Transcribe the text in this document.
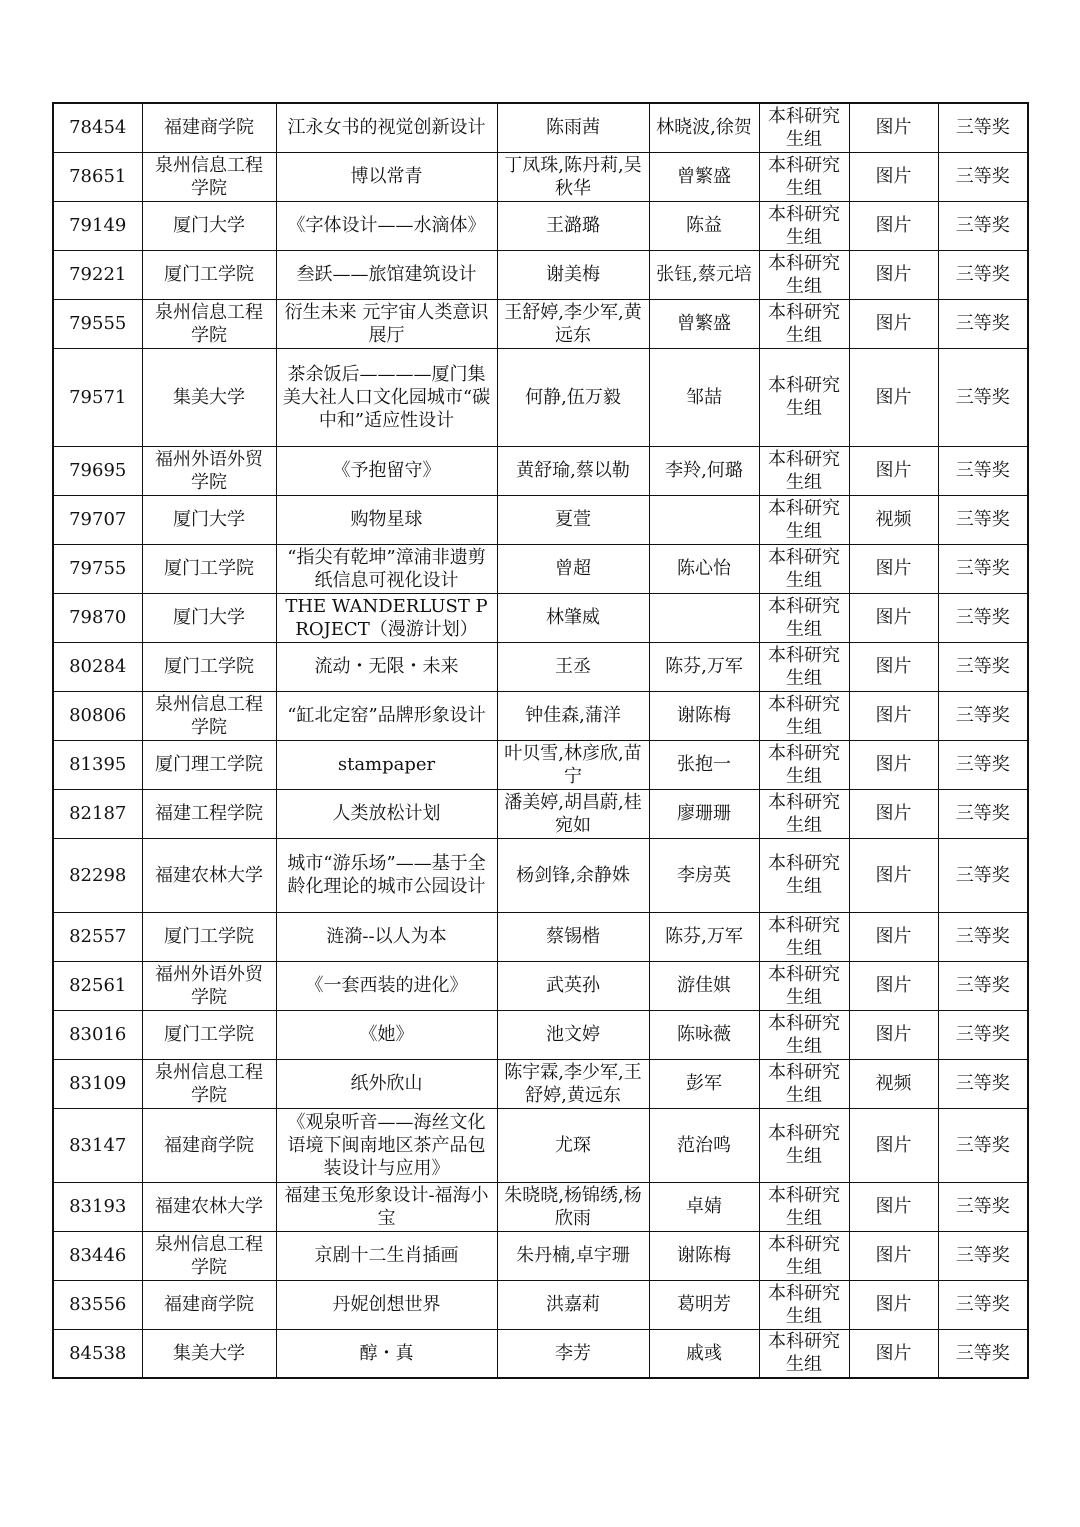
78454	福建商学院	江永女书的视觉创新设计	陈雨茜	林晓波,徐贺	本科研究生组	图片	三等奖
78651	泉州信息工程学院	博以常青	丁凤珠,陈丹莉,吴秋华	曾繁盛	本科研究生组	图片	三等奖
79149	厦门大学	《字体设计——水滴体》	王潞璐	陈益	本科研究生组	图片	三等奖
79221	厦门工学院	叁跃——旅馆建筑设计	谢美梅	张钰,蔡元培	本科研究生组	图片	三等奖
79555	泉州信息工程学院	衍生未来 元宇宙人类意识展厅	王舒婷,李少军,黄远东	曾繁盛	本科研究生组	图片	三等奖
79571	集美大学	茶余饭后————厦门集美大社人口文化园城市“碳中和”适应性设计	何静,伍万毅	邹喆	本科研究生组	图片	三等奖
79695	福州外语外贸学院	《予抱留守》	黄舒瑜,蔡以勒	李羚,何璐	本科研究生组	图片	三等奖
79707	厦门大学	购物星球	夏萱		本科研究生组	视频	三等奖
79755	厦门工学院	“指尖有乾坤”漳浦非遗剪纸信息可视化设计	曾超	陈心怡	本科研究生组	图片	三等奖
79870	厦门大学	THE WANDERLUST PROJECT（漫游计划）	林肇威		本科研究生组	图片	三等奖
80284	厦门工学院	流动・无限・未来	王丞	陈芬,万军	本科研究生组	图片	三等奖
80806	泉州信息工程学院	“缸北定窑”品牌形象设计	钟佳森,蒲洋	谢陈梅	本科研究生组	图片	三等奖
81395	厦门理工学院	stampaper	叶贝雪,林彦欣,苗宁	张抱一	本科研究生组	图片	三等奖
82187	福建工程学院	人类放松计划	潘美婷,胡昌蔚,桂宛如	廖珊珊	本科研究生组	图片	三等奖
82298	福建农林大学	城市“游乐场”——基于全龄化理论的城市公园设计	杨剑锋,余静姝	李房英	本科研究生组	图片	三等奖
82557	厦门工学院	涟漪--以人为本	蔡锡楷	陈芬,万军	本科研究生组	图片	三等奖
82561	福州外语外贸学院	《一套西装的进化》	武英孙	游佳娸	本科研究生组	图片	三等奖
83016	厦门工学院	《她》	池文婷	陈咏薇	本科研究生组	图片	三等奖
83109	泉州信息工程学院	纸外欣山	陈宇霖,李少军,王舒婷,黄远东	彭军	本科研究生组	视频	三等奖
83147	福建商学院	《观泉听音——海丝文化语境下闽南地区茶产品包装设计与应用》	尤琛	范治鸣	本科研究生组	图片	三等奖
83193	福建农林大学	福建玉兔形象设计-福海小宝	朱晓晓,杨锦绣,杨欣雨	卓婧	本科研究生组	图片	三等奖
83446	泉州信息工程学院	京剧十二生肖插画	朱丹楠,卓宇珊	谢陈梅	本科研究生组	图片	三等奖
83556	福建商学院	丹妮创想世界	洪嘉莉	葛明芳	本科研究生组	图片	三等奖
84538	集美大学	醇・真	李芳	戚彧	本科研究生组	图片	三等奖
